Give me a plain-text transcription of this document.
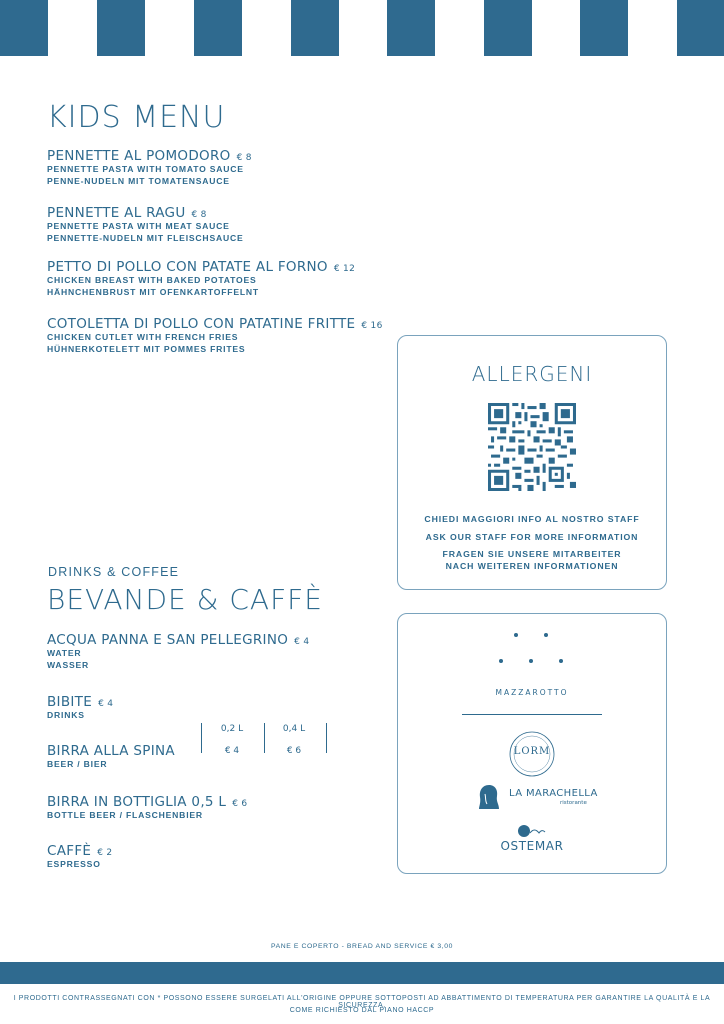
KIDS MENU
PENNETTE AL POMODORO € 8
PENNETTE PASTA WITH TOMATO SAUCE
PENNE-NUDELN MIT TOMATENSAUCE
PENNETTE AL RAGU € 8
PENNETTE PASTA WITH MEAT SAUCE
PENNETTE-NUDELN MIT FLEISCHSAUCE
PETTO DI POLLO CON PATATE AL FORNO € 12
CHICKEN BREAST WITH BAKED POTATOES
HÄHNCHENBRUST MIT OFENKARTOFFELNT
COTOLETTA DI POLLO CON PATATINE FRITTE € 16
CHICKEN CUTLET WITH FRENCH FRIES
HÜHNERKOTELETT MIT POMMES FRITES
ALLERGENI
CHIEDI MAGGIORI INFO AL NOSTRO STAFF
ASK OUR STAFF FOR MORE INFORMATION
FRAGEN SIE UNSERE MITARBEITER
NACH WEITEREN INFORMATIONEN
DRINKS & COFFEE
BEVANDE & CAFFÈ
ACQUA PANNA E SAN PELLEGRINO € 4
WATER
WASSER
BIBITE € 4
DRINKS
BIRRA ALLA SPINA
BEER / BIER
0,2 L
€ 4
0,4 L
€ 6
BIRRA IN BOTTIGLIA 0,5 L € 6
BOTTLE BEER / FLASCHENBIER
CAFFÈ € 2
ESPRESSO
MAZZAROTTO
LORM
LA MARACHELLA
ristorante
OSTEMAR
PANE E COPERTO - BREAD AND SERVICE € 3,00
I PRODOTTI CONTRASSEGNATI CON * POSSONO ESSERE SURGELATI ALL'ORIGINE OPPURE SOTTOPOSTI AD ABBATTIMENTO DI TEMPERATURA PER GARANTIRE LA QUALITÀ E LA SICUREZZA,
COME RICHIESTO DAL PIANO HACCP
